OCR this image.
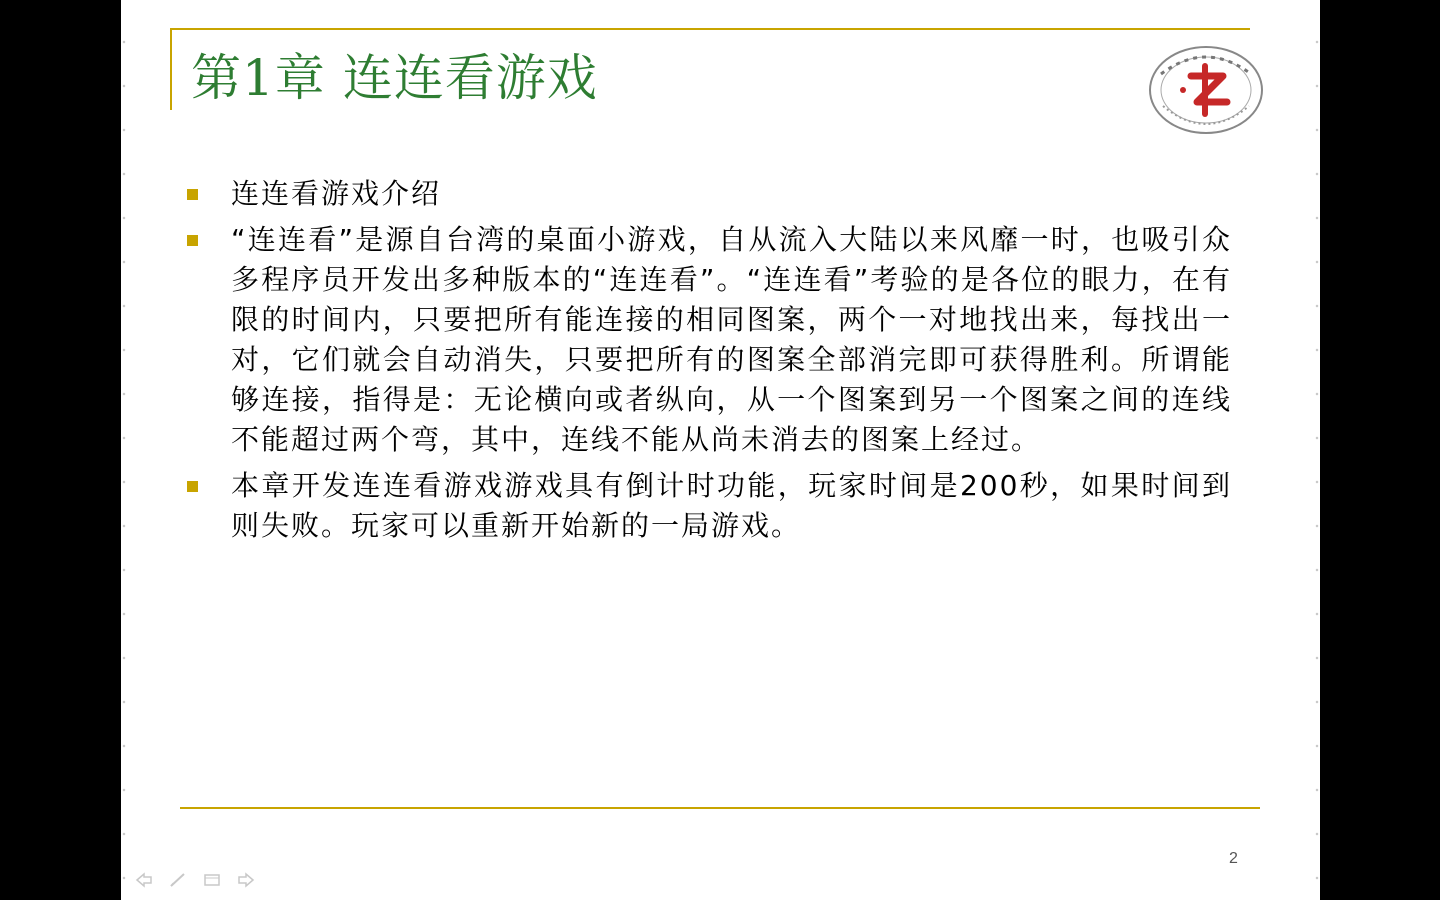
第1章 连连看游戏
连连看游戏介绍
“连连看”是源自台湾的桌面小游戏，自从流入大陆以来风靡一时，也吸引众多程序员开发出多种版本的“连连看”。“连连看”考验的是各位的眼力，在有限的时间内，只要把所有能连接的相同图案，两个一对地找出来，每找出一对，它们就会自动消失，只要把所有的图案全部消完即可获得胜利。所谓能够连接，指得是：无论横向或者纵向，从一个图案到另一个图案之间的连线不能超过两个弯，其中，连线不能从尚未消去的图案上经过。
本章开发连连看游戏游戏具有倒计时功能，玩家时间是200秒，如果时间到则失败。玩家可以重新开始新的一局游戏。
2
